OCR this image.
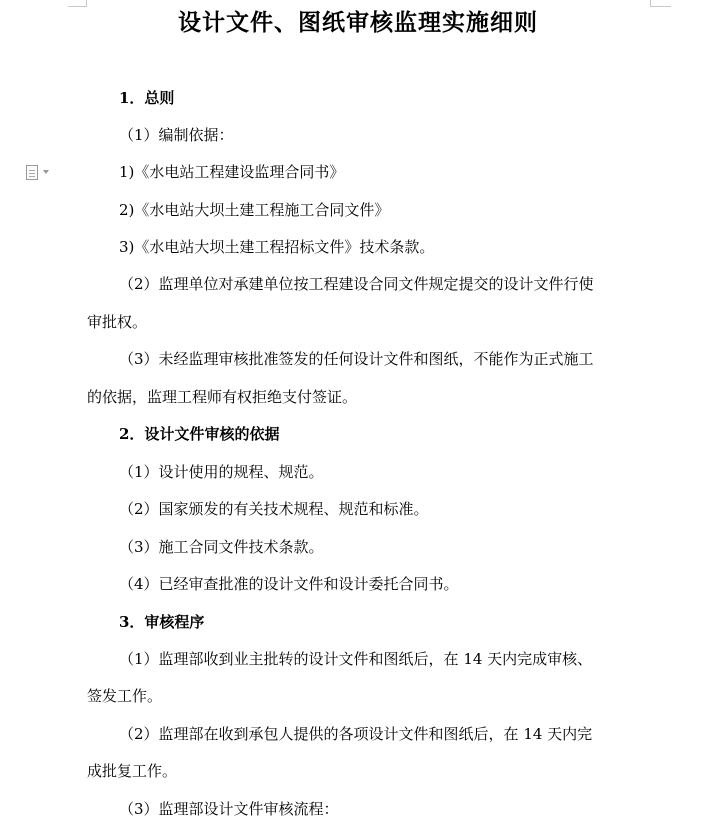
设计文件、图纸审核监理实施细则
1．总则
（1）编制依据：
1)《水电站工程建设监理合同书》
2)《水电站大坝土建工程施工合同文件》
3)《水电站大坝土建工程招标文件》技术条款。
（2）监理单位对承建单位按工程建设合同文件规定提交的设计文件行使
审批权。
（3）未经监理审核批准签发的任何设计文件和图纸，不能作为正式施工
的依据，监理工程师有权拒绝支付签证。
2．设计文件审核的依据
（1）设计使用的规程、规范。
（2）国家颁发的有关技术规程、规范和标准。
（3）施工合同文件技术条款。
（4）已经审查批准的设计文件和设计委托合同书。
3．审核程序
（1）监理部收到业主批转的设计文件和图纸后，在 14 天内完成审核、
签发工作。
（2）监理部在收到承包人提供的各项设计文件和图纸后，在 14 天内完
成批复工作。
（3）监理部设计文件审核流程：
